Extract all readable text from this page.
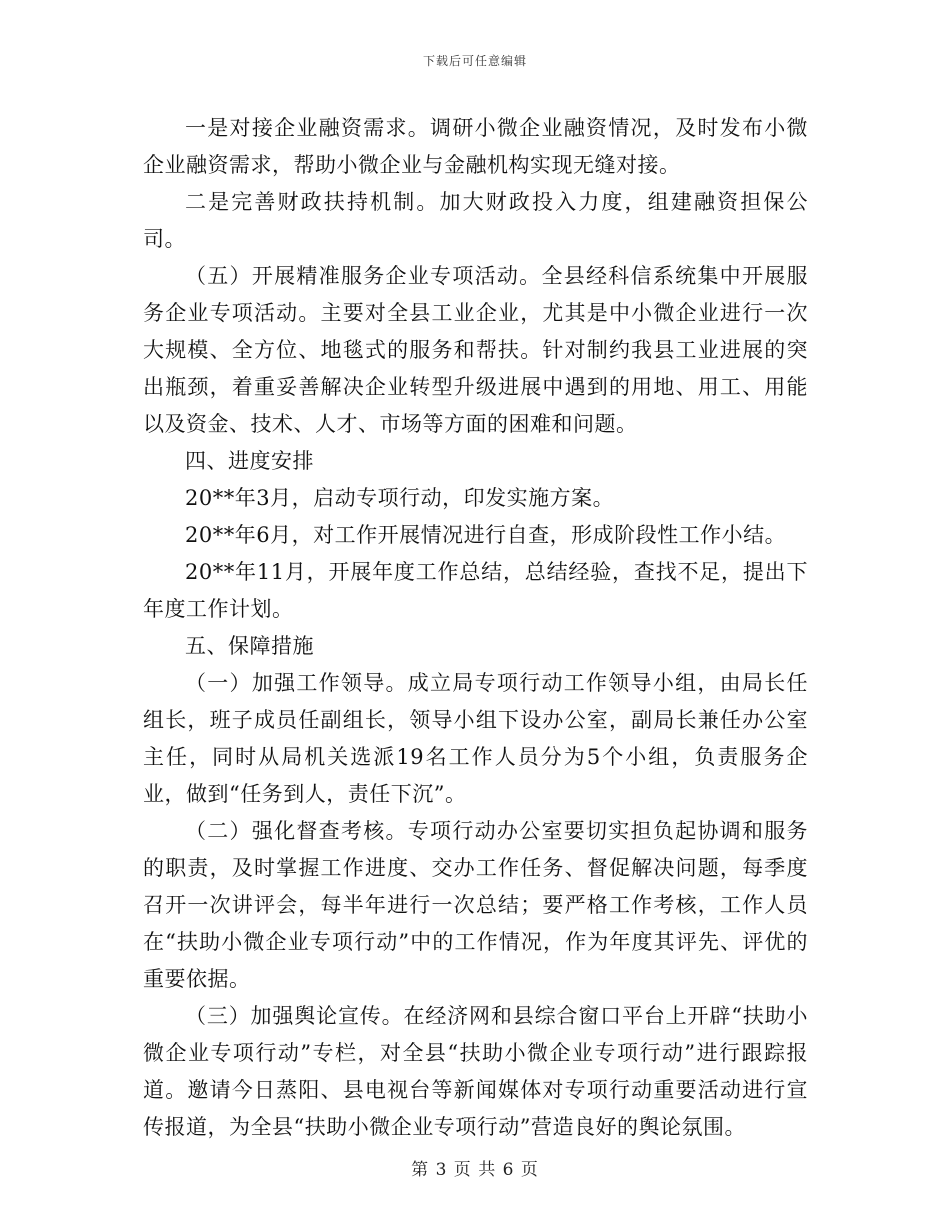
下载后可任意编辑

一是对接企业融资需求。调研小微企业融资情况，及时发布小微企业融资需求，帮助小微企业与金融机构实现无缝对接。

二是完善财政扶持机制。加大财政投入力度，组建融资担保公司。

（五）开展精准服务企业专项活动。全县经科信系统集中开展服务企业专项活动。主要对全县工业企业，尤其是中小微企业进行一次大规模、全方位、地毯式的服务和帮扶。针对制约我县工业进展的突出瓶颈，着重妥善解决企业转型升级进展中遇到的用地、用工、用能以及资金、技术、人才、市场等方面的困难和问题。

四、进度安排

20**年3月，启动专项行动，印发实施方案。

20**年6月，对工作开展情况进行自查，形成阶段性工作小结。

20**年11月，开展年度工作总结，总结经验，查找不足，提出下年度工作计划。

五、保障措施

（一）加强工作领导。成立局专项行动工作领导小组，由局长任组长，班子成员任副组长，领导小组下设办公室，副局长兼任办公室主任，同时从局机关选派19名工作人员分为5个小组，负责服务企业，做到“任务到人，责任下沉”。

（二）强化督查考核。专项行动办公室要切实担负起协调和服务的职责，及时掌握工作进度、交办工作任务、督促解决问题，每季度召开一次讲评会，每半年进行一次总结；要严格工作考核，工作人员在“扶助小微企业专项行动”中的工作情况，作为年度其评先、评优的重要依据。

（三）加强舆论宣传。在经济网和县综合窗口平台上开辟“扶助小微企业专项行动”专栏，对全县“扶助小微企业专项行动”进行跟踪报道。邀请今日蒸阳、县电视台等新闻媒体对专项行动重要活动进行宣传报道，为全县“扶助小微企业专项行动”营造良好的舆论氛围。

第 3 页 共 6 页
